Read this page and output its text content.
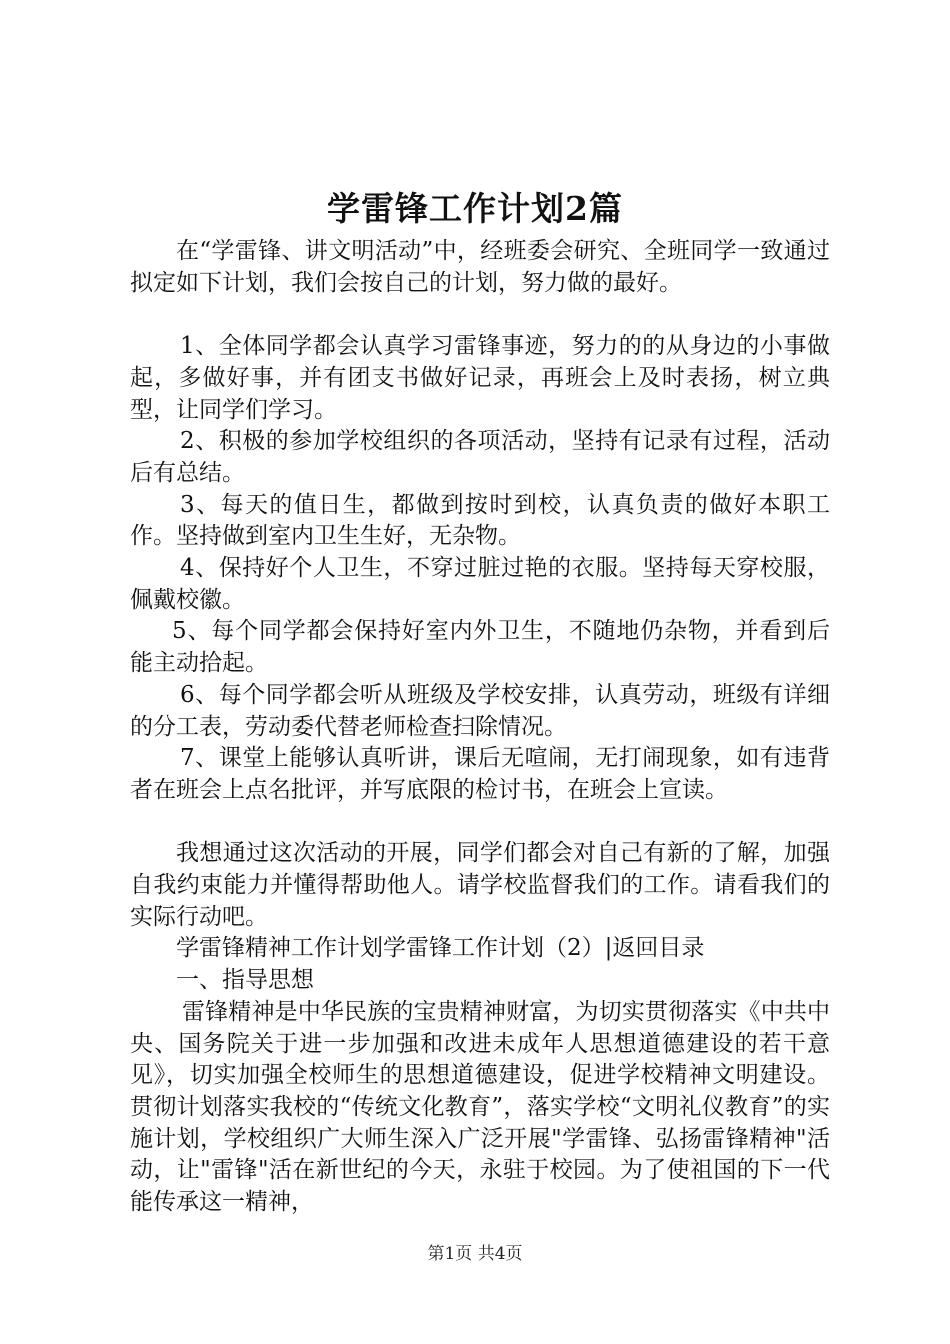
学雷锋工作计划2篇

在“学雷锋、讲文明活动”中，经班委会研究、全班同学一致通过拟定如下计划，我们会按自己的计划，努力做的最好。

1、全体同学都会认真学习雷锋事迹，努力的的从身边的小事做起，多做好事，并有团支书做好记录，再班会上及时表扬，树立典型，让同学们学习。

2、积极的参加学校组织的各项活动，坚持有记录有过程，活动后有总结。

3、每天的值日生，都做到按时到校，认真负责的做好本职工作。坚持做到室内卫生生好，无杂物。

4、保持好个人卫生，不穿过脏过艳的衣服。坚持每天穿校服，佩戴校徽。

5、每个同学都会保持好室内外卫生，不随地仍杂物，并看到后能主动拾起。

6、每个同学都会听从班级及学校安排，认真劳动，班级有详细的分工表，劳动委代替老师检查扫除情况。

7、课堂上能够认真听讲，课后无喧闹，无打闹现象，如有违背者在班会上点名批评，并写底限的检讨书，在班会上宣读。

我想通过这次活动的开展，同学们都会对自己有新的了解，加强自我约束能力并懂得帮助他人。请学校监督我们的工作。请看我们的实际行动吧。

学雷锋精神工作计划学雷锋工作计划（2）|返回目录

一、指导思想

雷锋精神是中华民族的宝贵精神财富，为切实贯彻落实《中共中央、国务院关于进一步加强和改进未成年人思想道德建设的若干意见》，切实加强全校师生的思想道德建设，促进学校精神文明建设。贯彻计划落实我校的“传统文化教育”，落实学校“文明礼仪教育”的实施计划，学校组织广大师生深入广泛开展"学雷锋、弘扬雷锋精神"活动，让"雷锋"活在新世纪的今天，永驻于校园。为了使祖国的下一代能传承这一精神，

第1页 共4页
